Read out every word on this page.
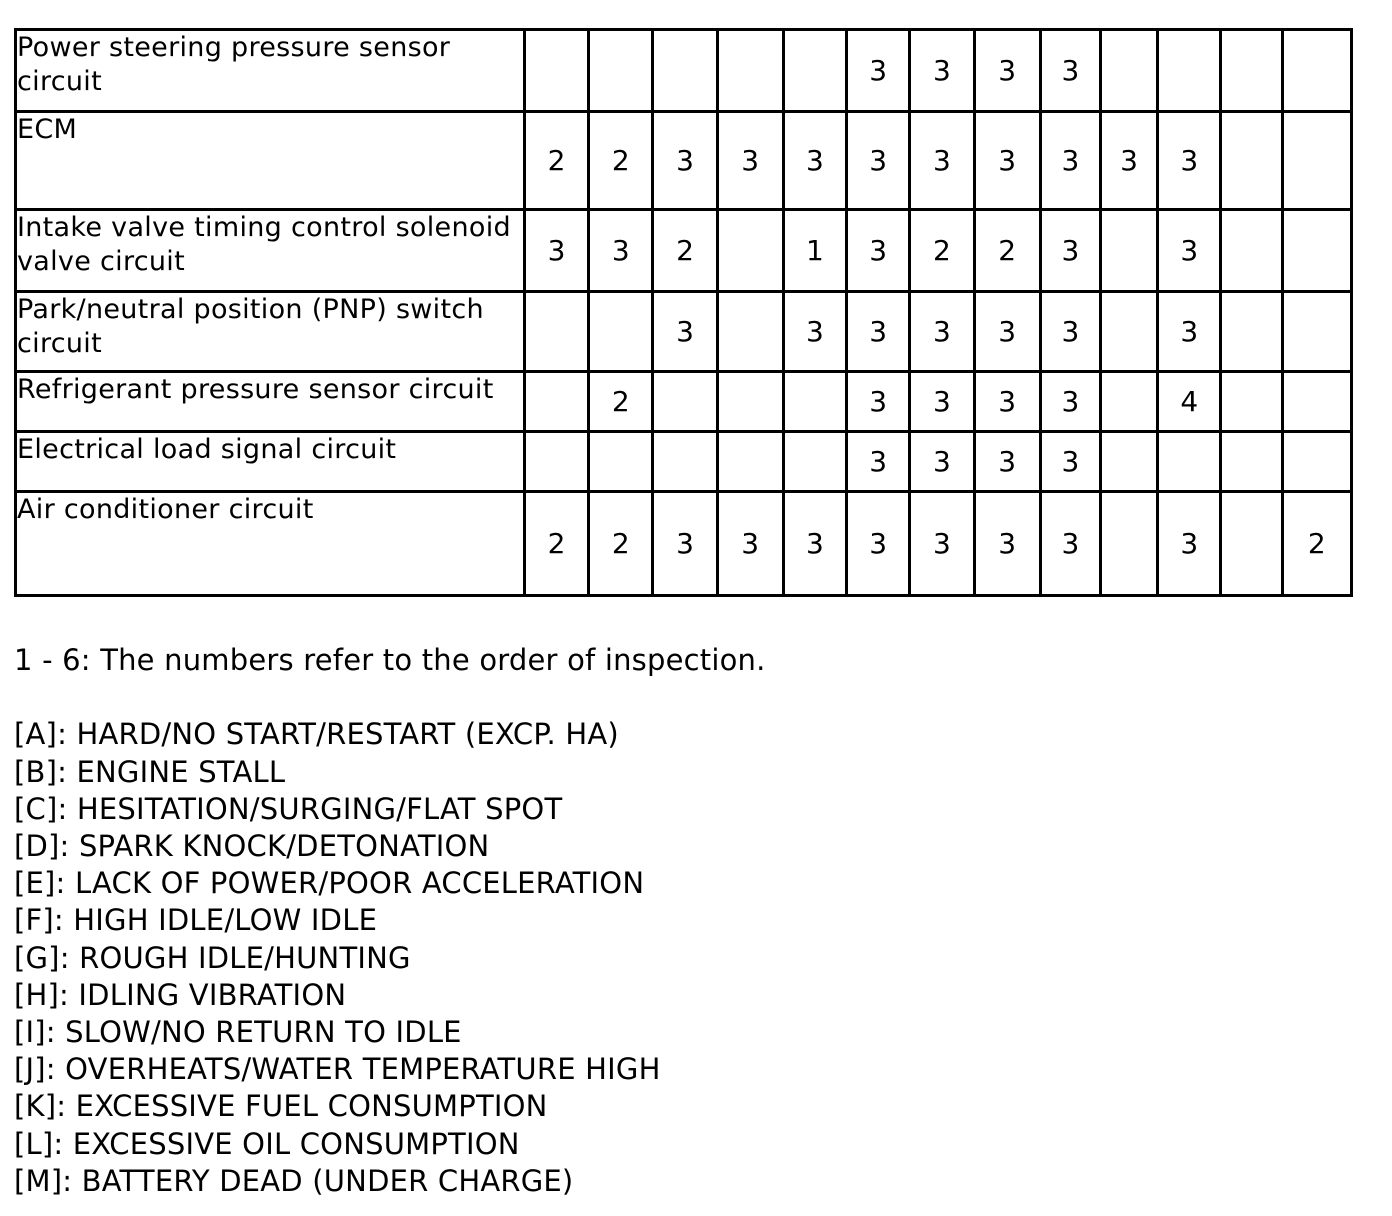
Power steering pressure sensor circuit						3	3	3	3				
ECM	2	2	3	3	3	3	3	3	3	3	3		
Intake valve timing control solenoid valve circuit	3	3	2		1	3	2	2	3		3		
Park/neutral position (PNP) switch circuit			3		3	3	3	3	3		3		
Refrigerant pressure sensor circuit		2				3	3	3	3		4		
Electrical load signal circuit						3	3	3	3				
Air conditioner circuit	2	2	3	3	3	3	3	3	3		3		2
1 - 6: The numbers refer to the order of inspection.
[A]: HARD/NO START/RESTART (EXCP. HA)
[B]: ENGINE STALL
[C]: HESITATION/SURGING/FLAT SPOT
[D]: SPARK KNOCK/DETONATION
[E]: LACK OF POWER/POOR ACCELERATION
[F]: HIGH IDLE/LOW IDLE
[G]: ROUGH IDLE/HUNTING
[H]: IDLING VIBRATION
[I]: SLOW/NO RETURN TO IDLE
[J]: OVERHEATS/WATER TEMPERATURE HIGH
[K]: EXCESSIVE FUEL CONSUMPTION
[L]: EXCESSIVE OIL CONSUMPTION
[M]: BATTERY DEAD (UNDER CHARGE)
